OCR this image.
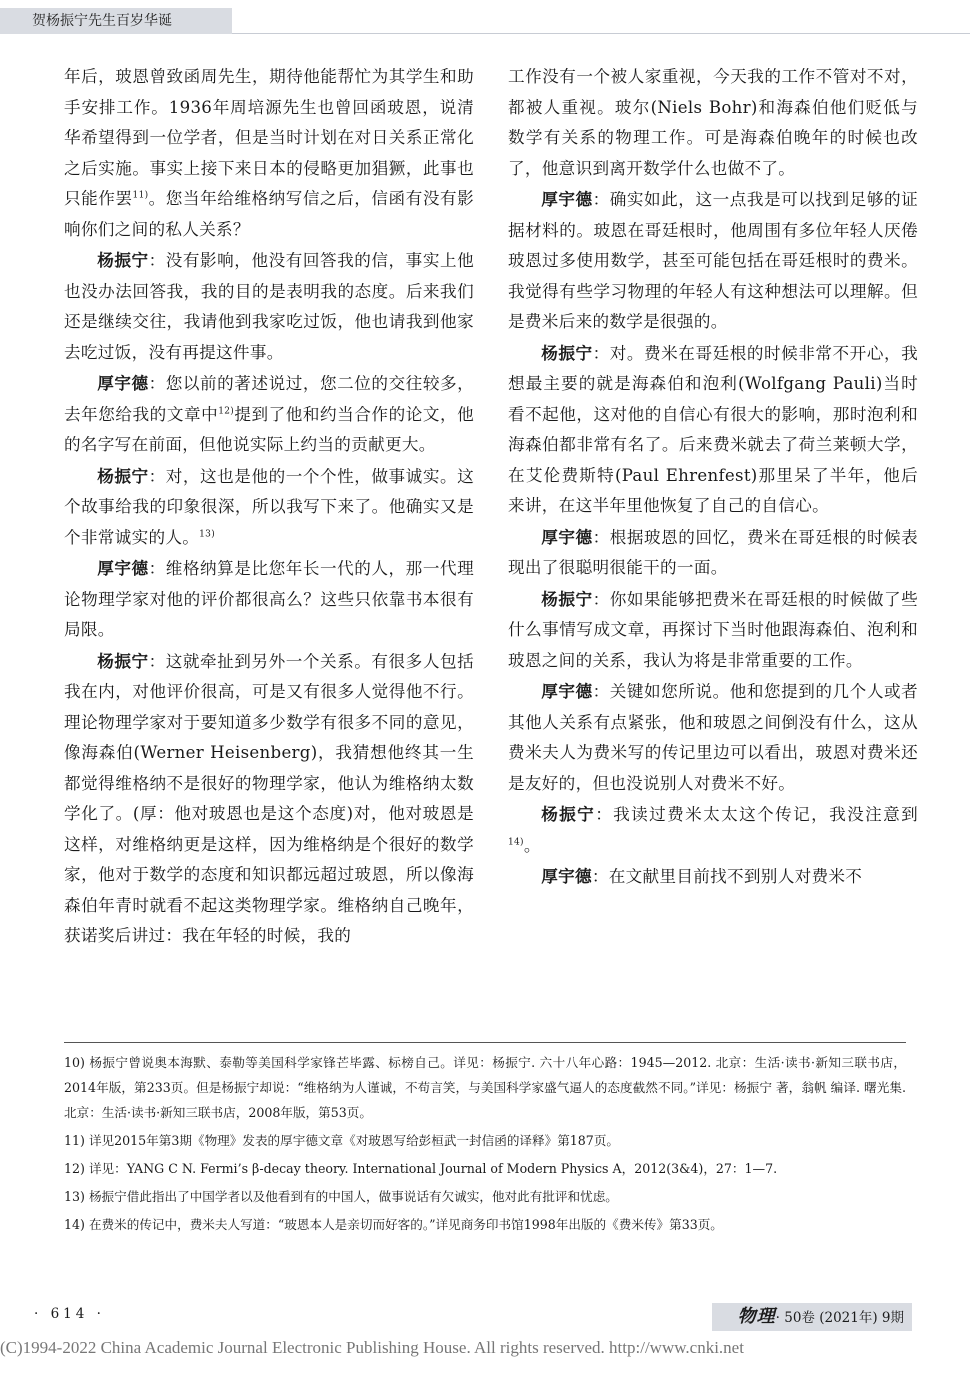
贺杨振宁先生百岁华诞

年后，玻恩曾致函周先生，期待他能帮忙为其学生和助手安排工作。1936年周培源先生也曾回函玻恩，说清华希望得到一位学者，但是当时计划在对日关系正常化之后实施。事实上接下来日本的侵略更加猖獗，此事也只能作罢$^{11)}$。您当年给维格纳写信之后，信函有没有影响你们之间的私人关系？

杨振宁：没有影响，他没有回答我的信，事实上他也没办法回答我，我的目的是表明我的态度。后来我们还是继续交往，我请他到我家吃过饭，他也请我到他家去吃过饭，没有再提这件事。

厚宇德：您以前的著述说过，您二位的交往较多，去年您给我的文章中$^{12)}$提到了他和约当合作的论文，他的名字写在前面，但他说实际上约当的贡献更大。

杨振宁：对，这也是他的一个个性，做事诚实。这个故事给我的印象很深，所以我写下来了。他确实又是个非常诚实的人。$^{13)}$

厚宇德：维格纳算是比您年长一代的人，那一代理论物理学家对他的评价都很高么？这些只依靠书本很有局限。

杨振宁：这就牵扯到另外一个关系。有很多人包括我在内，对他评价很高，可是又有很多人觉得他不行。理论物理学家对于要知道多少数学有很多不同的意见，像海森伯(Werner Heisenberg)，我猜想他终其一生都觉得维格纳不是很好的物理学家，他认为维格纳太数学化了。(厚：他对玻恩也是这个态度)对，他对玻恩是这样，对维格纳更是这样，因为维格纳是个很好的数学家，他对于数学的态度和知识都远超过玻恩，所以像海森伯年青时就看不起这类物理学家。维格纳自己晚年，获诺奖后讲过：我在年轻的时候，我的

工作没有一个被人家重视，今天我的工作不管对不对，都被人重视。玻尔(Niels Bohr)和海森伯他们贬低与数学有关系的物理工作。可是海森伯晚年的时候也改了，他意识到离开数学什么也做不了。

厚宇德：确实如此，这一点我是可以找到足够的证据材料的。玻恩在哥廷根时，他周围有多位年轻人厌倦玻恩过多使用数学，甚至可能包括在哥廷根时的费米。我觉得有些学习物理的年轻人有这种想法可以理解。但是费米后来的数学是很强的。

杨振宁：对。费米在哥廷根的时候非常不开心，我想最主要的就是海森伯和泡利(Wolfgang Pauli)当时看不起他，这对他的自信心有很大的影响，那时泡利和海森伯都非常有名了。后来费米就去了荷兰莱顿大学，在艾伦费斯特(Paul Ehrenfest)那里呆了半年，他后来讲，在这半年里他恢复了自己的自信心。

厚宇德：根据玻恩的回忆，费米在哥廷根的时候表现出了很聪明很能干的一面。

杨振宁：你如果能够把费米在哥廷根的时候做了些什么事情写成文章，再探讨下当时他跟海森伯、泡利和玻恩之间的关系，我认为将是非常重要的工作。

厚宇德：关键如您所说。他和您提到的几个人或者其他人关系有点紧张，他和玻恩之间倒没有什么，这从费米夫人为费米写的传记里边可以看出，玻恩对费米还是友好的，但也没说别人对费米不好。

杨振宁：我读过费米太太这个传记，我没注意到$^{14)}$。

厚宇德：在文献里目前找不到别人对费米不

10) 杨振宁曾说奥本海默、泰勒等美国科学家锋芒毕露、标榜自己。详见：杨振宁. 六十八年心路：1945—2012. 北京：生活·读书·新知三联书店，2014年版，第233页。但是杨振宁却说：“维格纳为人谨诚，不苟言笑，与美国科学家盛气逼人的态度截然不同。”详见：杨振宁 著，翁帆 编译. 曙光集. 北京：生活·读书·新知三联书店，2008年版，第53页。

11) 详见2015年第3期《物理》发表的厚宇德文章《对玻恩写给彭桓武一封信函的译释》第187页。

12) 详见：YANG C N. Fermi’s β-decay theory. International Journal of Modern Physics A，2012(3&4)，27：1—7.

13) 杨振宁借此指出了中国学者以及他看到有的中国人，做事说话有欠诚实，他对此有批评和忧虑。

14) 在费米的传记中，费米夫人写道：“玻恩本人是亲切而好客的。”详见商务印书馆1998年出版的《费米传》第33页。

· 614 ·	物理· 50卷 (2021年) 9期
(C)1994-2022 China Academic Journal Electronic Publishing House. All rights reserved. http://www.cnki.net
